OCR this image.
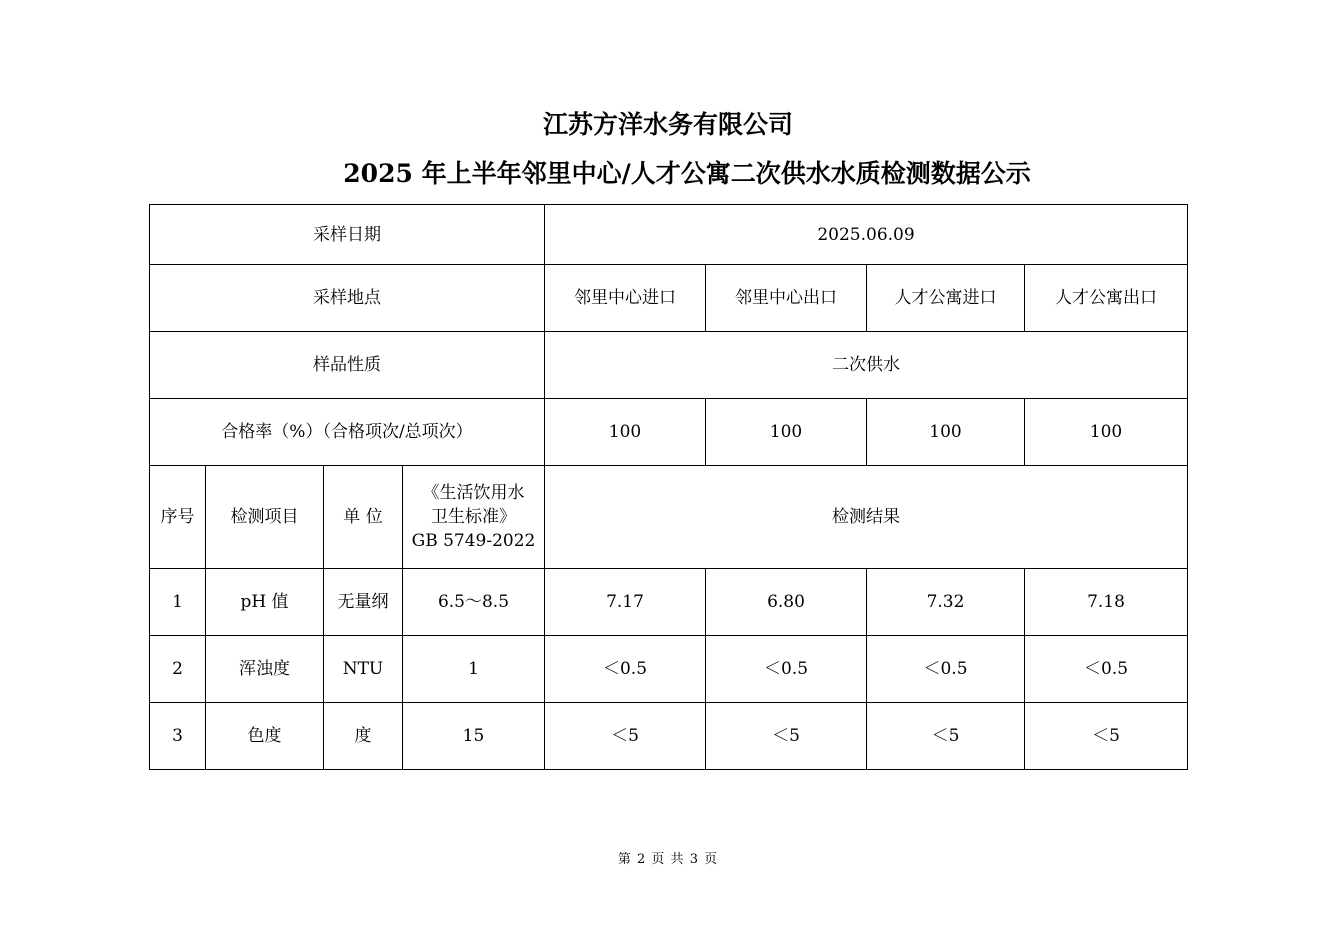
江苏方洋水务有限公司
2025 年上半年邻里中心/人才公寓二次供水水质检测数据公示
采样日期				2025.06.09			
采样地点				邻里中心进口	邻里中心出口	人才公寓进口	人才公寓出口
样品性质				二次供水			
合格率（%）（合格项次/总项次）				100	100	100	100
序号	检测项目	单 位	《生活饮用水
卫生标准》
GB 5749-2022	检测结果			
1	pH 值	无量纲	6.5～8.5	7.17	6.80	7.32	7.18
2	浑浊度	NTU	1	＜0.5	＜0.5	＜0.5	＜0.5
3	色度	度	15	＜5	＜5	＜5	＜5
第 2 页 共 3 页
